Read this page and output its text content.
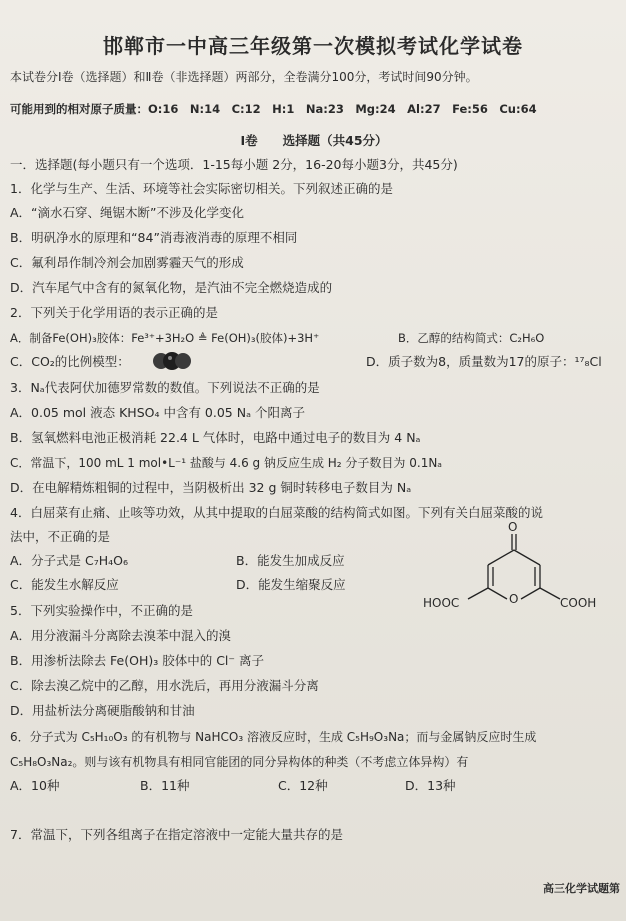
邯郸市一中高三年级第一次模拟考试化学试卷
本试卷分Ⅰ卷（选择题）和Ⅱ卷（非选择题）两部分，全卷满分100分，考试时间90分钟。
可能用到的相对原子质量：O:16　N:14　C:12　H:1　Na:23　Mg:24　Al:27　Fe:56　Cu:64
Ⅰ卷　　选择题（共45分）
一．选择题(每小题只有一个选项．1-15每小题 2分，16-20每小题3分，共45分)
1．化学与生产、生活、环境等社会实际密切相关。下列叙述正确的是
A．“滴水石穿、绳锯木断”不涉及化学变化
B．明矾净水的原理和“84”消毒液消毒的原理不相同
C．氟利昂作制冷剂会加剧雾霾天气的形成
D．汽车尾气中含有的氮氧化物，是汽油不完全燃烧造成的
2．下列关于化学用语的表示正确的是
A．制备Fe(OH)₃胶体：Fe³⁺+3H₂O ≜ Fe(OH)₃(胶体)+3H⁺	B．乙醇的结构简式：C₂H₆O
C．CO₂的比例模型：	D．质子数为8，质量数为17的原子：¹⁷₈Cl
3．Nₐ代表阿伏加德罗常数的数值。下列说法不正确的是
A．0.05 mol 液态 KHSO₄ 中含有 0.05 Nₐ 个阳离子
B．氢氧燃料电池正极消耗 22.4 L 气体时，电路中通过电子的数目为 4 Nₐ
C．常温下，100 mL 1 mol•L⁻¹ 盐酸与 4.6 g 钠反应生成 H₂ 分子数目为 0.1Nₐ
D．在电解精炼粗铜的过程中，当阴极析出 32 g 铜时转移电子数目为 Nₐ
4．白屈菜有止痛、止咳等功效，从其中提取的白屈菜酸的结构简式如图。下列有关白屈菜酸的说
法中，不正确的是
A．分子式是 C₇H₄O₆	B．能发生加成反应
C．能发生水解反应	D．能发生缩聚反应
O
O
HOOC	COOH
5．下列实验操作中，不正确的是
A．用分液漏斗分离除去溴苯中混入的溴
B．用渗析法除去 Fe(OH)₃ 胶体中的 Cl⁻ 离子
C．除去溴乙烷中的乙醇，用水洗后，再用分液漏斗分离
D．用盐析法分离硬脂酸钠和甘油
6．分子式为 C₅H₁₀O₃ 的有机物与 NaHCO₃ 溶液反应时，生成 C₅H₉O₃Na；而与金属钠反应时生成
C₅H₈O₃Na₂。则与该有机物具有相同官能团的同分异构体的种类（不考虑立体异构）有
A．10种	B．11种	C．12种	D．13种
7．常温下，下列各组离子在指定溶液中一定能大量共存的是
高三化学试题第
